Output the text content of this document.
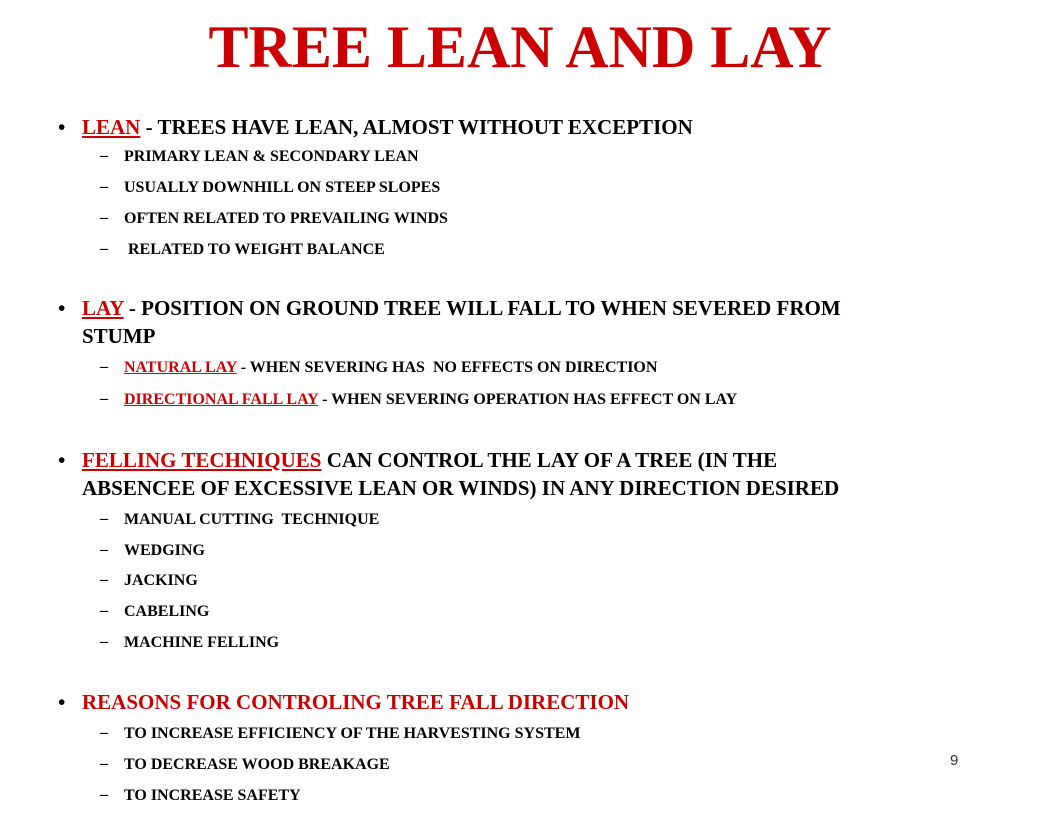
TREE LEAN AND LAY
• LEAN - TREES HAVE LEAN, ALMOST WITHOUT EXCEPTION
– PRIMARY LEAN & SECONDARY LEAN
– USUALLY DOWNHILL ON STEEP SLOPES
– OFTEN RELATED TO PREVAILING WINDS
– RELATED TO WEIGHT BALANCE
• LAY - POSITION ON GROUND TREE WILL FALL TO WHEN SEVERED FROM
STUMP
– NATURAL LAY - WHEN SEVERING HAS  NO EFFECTS ON DIRECTION
– DIRECTIONAL FALL LAY - WHEN SEVERING OPERATION HAS EFFECT ON LAY
• FELLING TECHNIQUES CAN CONTROL THE LAY OF A TREE (IN THE
ABSENCEE OF EXCESSIVE LEAN OR WINDS) IN ANY DIRECTION DESIRED
– MANUAL CUTTING  TECHNIQUE
– WEDGING
– JACKING
– CABELING
– MACHINE FELLING
• REASONS FOR CONTROLING TREE FALL DIRECTION
– TO INCREASE EFFICIENCY OF THE HARVESTING SYSTEM
– TO DECREASE WOOD BREAKAGE
– TO INCREASE SAFETY
9
